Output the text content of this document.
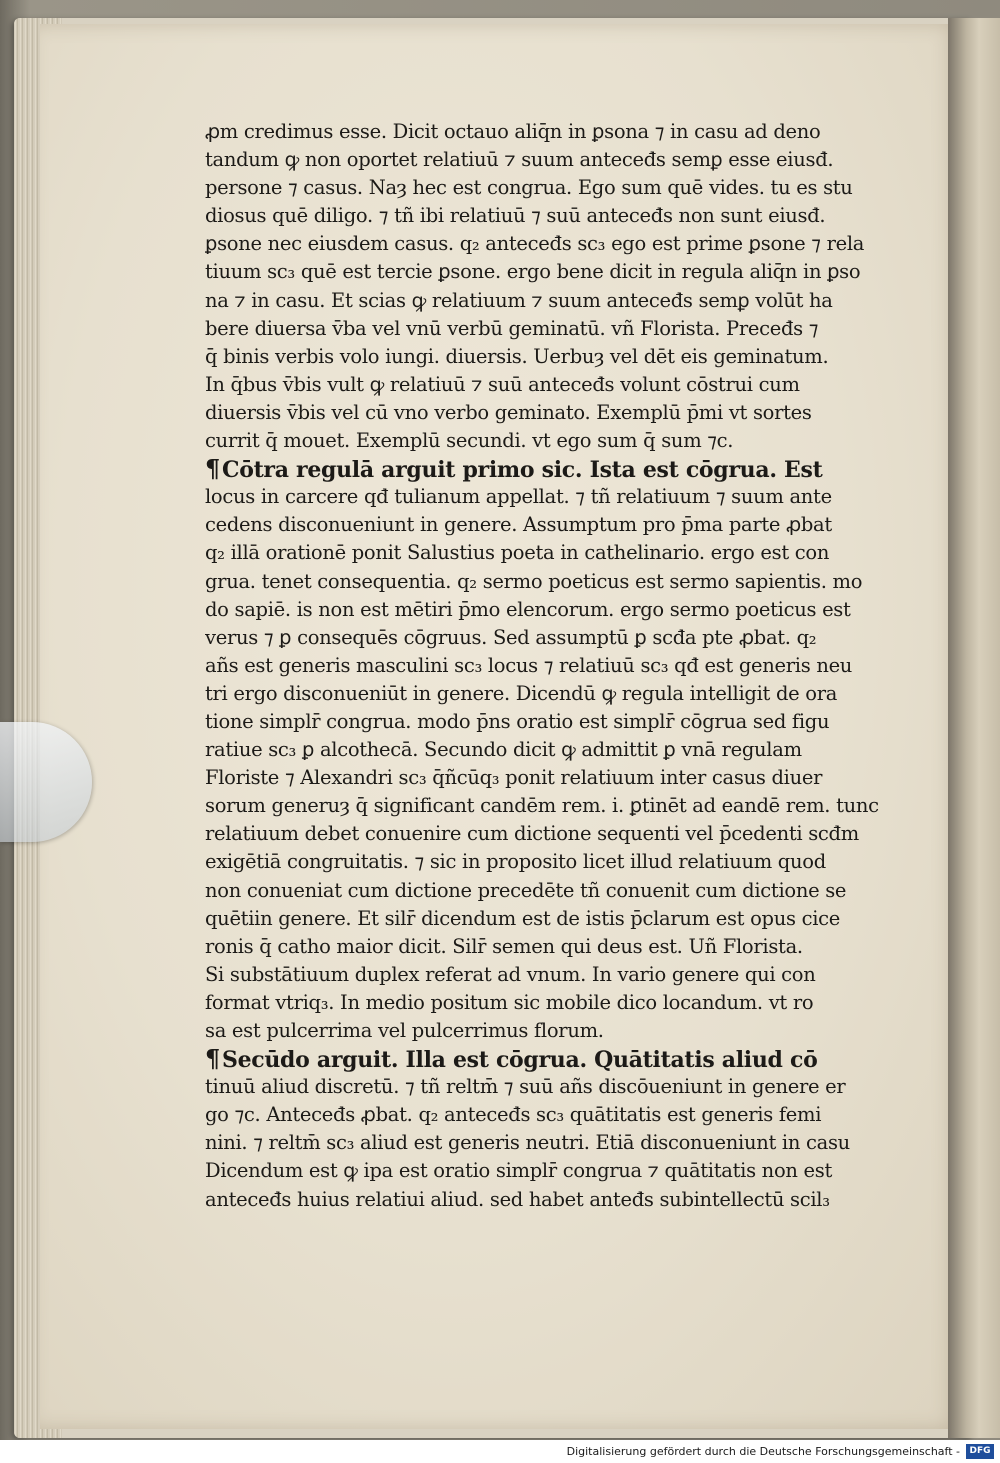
ꝓm credimus esse. Dicit octauo aliq̄n in ꝑsona ⁊ in casu ad deno
tandum ꝙ non oportet relatiuū ⁊ suum anteceđs semꝑ esse eiusđ.
persone ⁊ casus. Naȝ hec est congrua. Ego sum quē vides. tu es stu
diosus quē diligo. ⁊ tñ ibi relatiuū ⁊ suū anteceđs non sunt eiusđ.
ꝑsone nec eiusdem casus. q₂ anteceđs sc₃ ego est prime ꝑsone ⁊ rela
tiuum sc₃ quē est tercie ꝑsone. ergo bene dicit in regula aliq̄n in ꝑso
na ⁊ in casu. Et scias ꝙ relatiuum ⁊ suum anteceđs semꝑ volūt ha
bere diuersa v̄ba vel vnū verbū geminatū. vñ Florista. Preceđs ⁊
q̄ binis verbis volo iungi. diuersis. Uerbuȝ vel dēt eis geminatum.
In q̄bus v̄bis vult ꝙ relatiuū ⁊ suū anteceđs volunt cōstrui cum
diuersis v̄bis vel cū vno verbo geminato. Exemplū p̄mi vt sortes
currit q̄ mouet. Exemplū secundi. vt ego sum q̄ sum ⁊c.
¶Cōtra regulā arguit primo sic. Ista est cōgrua. Est
locus in carcere qđ tulianum appellat. ⁊ tñ relatiuum ⁊ suum ante
cedens disconueniunt in genere. Assumptum pro p̄ma parte ꝓbat
q₂ illā orationē ponit Salustius poeta in cathelinario. ergo est con
grua. tenet consequentia. q₂ sermo poeticus est sermo sapientis. mo
do sapiē. is non est mētiri p̄mo elencorum. ergo sermo poeticus est
verus ⁊ ꝑ consequēs cōgruus. Sed assumptū ꝑ scđa pte ꝓbat. q₂
añs est generis masculini sc₃ locus ⁊ relatiuū sc₃ qđ est generis neu
tri ergo disconueniūt in genere. Dicendū ꝙ regula intelligit de ora
tione simplr̄ congrua. modo p̄ns oratio est simplr̄ cōgrua sed figu
ratiue sc₃ ꝑ alcothecā. Secundo dicit ꝙ admittit ꝑ vnā regulam
Floriste ⁊ Alexandri sc₃ q̄ñcūq₃ ponit relatiuum inter casus diuer
sorum generuȝ q̄ significant candēm rem. i. ꝑtinēt ad eandē rem. tunc
relatiuum debet conuenire cum dictione sequenti vel p̄cedenti scđm
exigētiā congruitatis. ⁊ sic in proposito licet illud relatiuum quod
non conueniat cum dictione precedēte tñ conuenit cum dictione se
quētiin genere. Et silr̄ dicendum est de istis p̄clarum est opus cice
ronis q̄ catho maior dicit. Silr̄ semen qui deus est. Uñ Florista.
Si substātiuum duplex referat ad vnum. In vario genere qui con
format vtriq₃. In medio positum sic mobile dico locandum. vt ro
sa est pulcerrima vel pulcerrimus florum.
¶Secūdo arguit. Illa est cōgrua. Quātitatis aliud cō
tinuū aliud discretū. ⁊ tñ reltm̄ ⁊ suū añs discōueniunt in genere er
go ⁊c. Anteceđs ꝓbat. q₂ anteceđs sc₃ quātitatis est generis femi
nini. ⁊ reltm̄ sc₃ aliud est generis neutri. Etiā disconueniunt in casu
Dicendum est ꝙ ipa est oratio simplr̄ congrua ⁊ quātitatis non est
anteceđs huius relatiui aliud. sed habet anteđs subintellectū scil₃
Digitalisierung gefördert durch die Deutsche Forschungsgemeinschaft -	DFG
